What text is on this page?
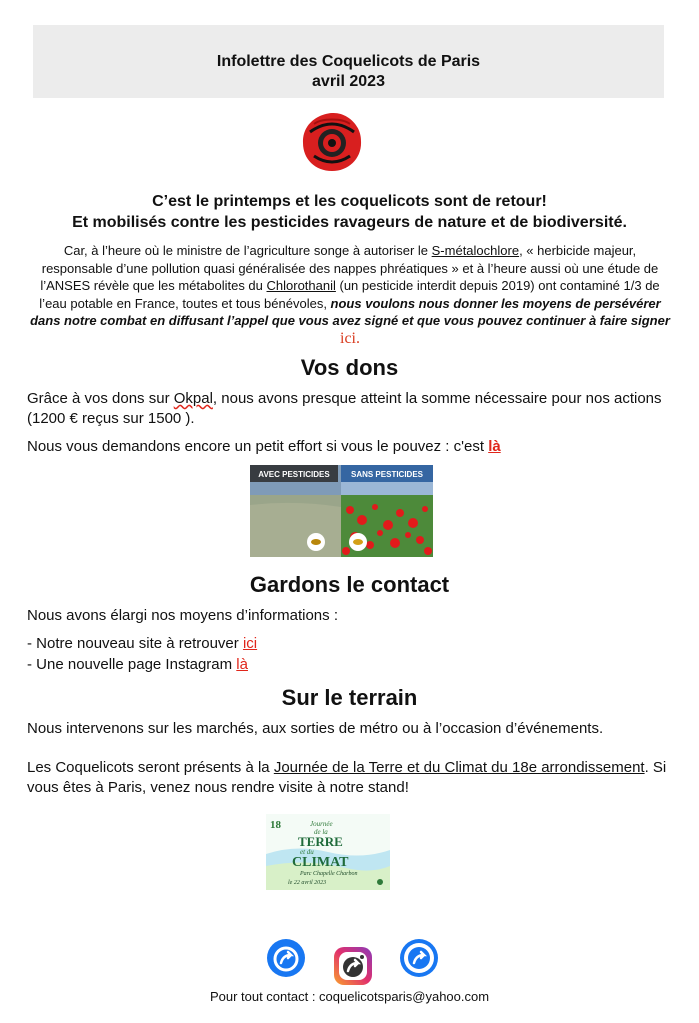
Infolettre des Coquelicots de Paris
avril 2023
C’est le printemps et les coquelicots sont de retour!
Et mobilisés contre les pesticides ravageurs de nature et de biodiversité.
Car, à l’heure où le ministre de l’agriculture songe à autoriser le S-métalochlore, « herbicide majeur, responsable d’une pollution quasi généralisée des nappes phréatiques » et à l’heure aussi où une étude de l’ANSES révèle que les métabolites du Chlorothanil (un pesticide interdit depuis 2019) ont contaminé 1/3 de l’eau potable en France, toutes et tous bénévoles, nous voulons nous donner les moyens de persévérer dans notre combat en diffusant l’appel que vous avez signé et que vous pouvez continuer à faire signer ici.
Vos dons
Grâce à vos dons sur Okpal, nous avons presque atteint la somme nécessaire pour nos actions (1200 € reçus sur 1500 ).
Nous vous demandons encore un petit effort si vous le pouvez : c'est là
AVEC PESTICIDES	SANS PESTICIDES
Gardons le contact
Nous avons élargi nos moyens d’informations :
- Notre nouveau site à retrouver ici
- Une nouvelle page Instagram là
Sur le terrain
Nous intervenons sur les marchés, aux sorties de métro ou à l’occasion d’événements.
Les Coquelicots seront présents à la Journée de la Terre et du Climat du 18e arrondissement. Si vous êtes à Paris, venez nous rendre visite à notre stand!
18	Journée
de la
TERRE
et du
CLIMAT
Parc Chapelle Charbon
le 22 avril 2023
Pour tout contact : coquelicotsparis@yahoo.com
